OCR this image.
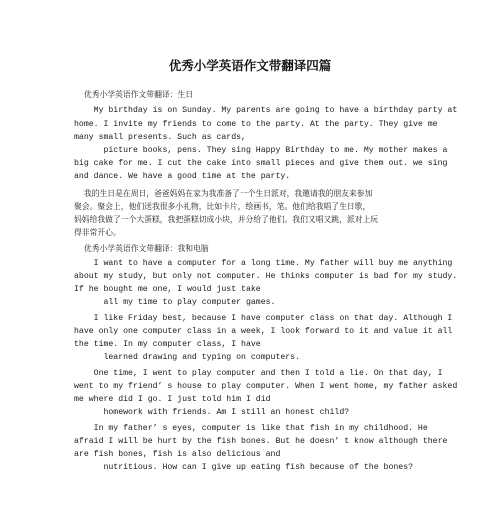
优秀小学英语作文带翻译四篇
优秀小学英语作文带翻译：生日
My birthday is on Sunday. My parents are going to have a birthday party at
home. I invite my friends to come to the party. At the party. They give me
many small presents. Such as cards,
picture books, pens. They sing Happy Birthday to me. My mother makes a
big cake for me. I cut the cake into small pieces and give them out. we sing
and dance. We have a good time at the party.
我的生日是在周日，爸爸妈妈在家为我准备了一个生日派对，我邀请我的朋友来参加
聚会。聚会上，他们送我很多小礼物，比如卡片，绘画书，笔。他们给我唱了生日歌，
妈妈给我做了一个大蛋糕，我把蛋糕切成小块，并分给了他们。我们又唱又跳，派对上玩
得非常开心。
优秀小学英语作文带翻译：我和电脑
I want to have a computer for a long time. My father will buy me anything
about my study, but only not computer. He thinks computer is bad for my study.
If he bought me one, I would just take
all my time to play computer games.
I like Friday best, because I have computer class on that day. Although I
have only one computer class in a week, I look forward to it and value it all
the time. In my computer class, I have
learned drawing and typing on computers.
One time, I went to play computer and then I told a lie. On that day, I
went to my friend’ s house to play computer. When I went home, my father asked
me where did I go. I just told him I did
homework with friends. Am I still an honest child?
In my father’ s eyes, computer is like that fish in my childhood. He
afraid I will be hurt by the fish bones. But he doesn’ t know although there
are fish bones, fish is also delicious and
nutritious. How can I give up eating fish because of the bones?
